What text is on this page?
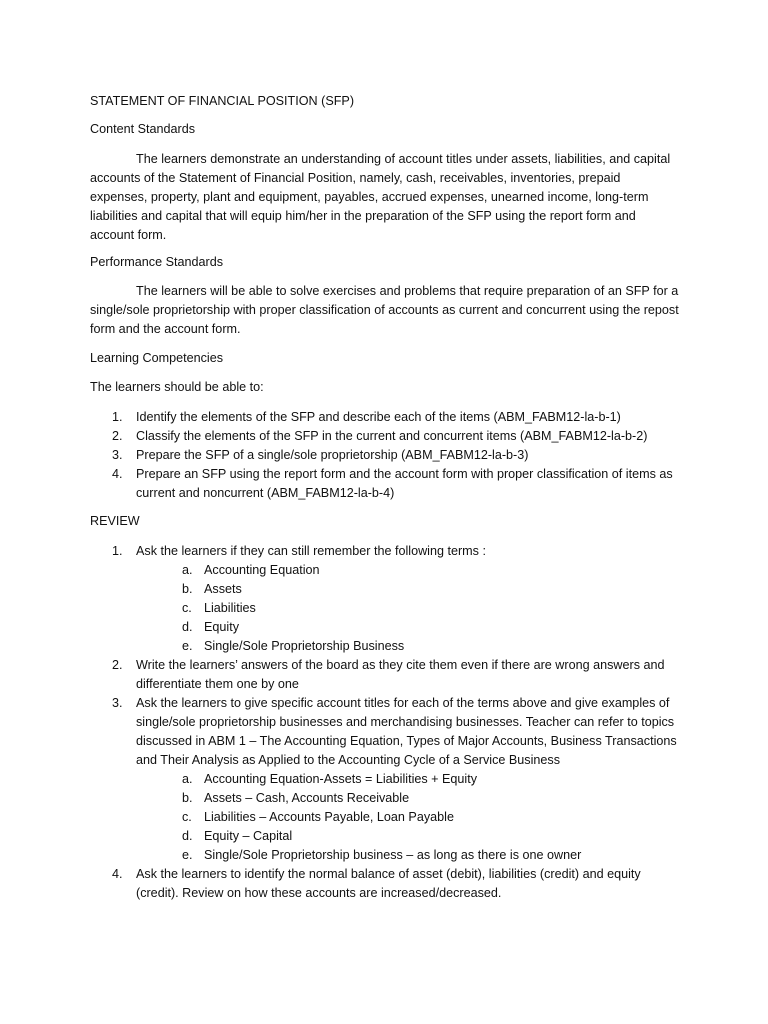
STATEMENT OF FINANCIAL POSITION (SFP)

Content Standards

The learners demonstrate an understanding of account titles under assets, liabilities, and capital accounts of the Statement of Financial Position, namely, cash, receivables, inventories, prepaid expenses, property, plant and equipment, payables, accrued expenses, unearned income, long-term liabilities and capital that will equip him/her in the preparation of the SFP using the report form and account form.

Performance Standards

The learners will be able to solve exercises and problems that require preparation of an SFP for a single/sole proprietorship with proper classification of accounts as current and concurrent using the repost form and the account form.

Learning Competencies

The learners should be able to:

1. Identify the elements of the SFP and describe each of the items (ABM_FABM12-la-b-1)
2. Classify the elements of the SFP in the current and concurrent items (ABM_FABM12-la-b-2)
3. Prepare the SFP of a single/sole proprietorship (ABM_FABM12-la-b-3)
4. Prepare an SFP using the report form and the account form with proper classification of items as current and noncurrent (ABM_FABM12-la-b-4)

REVIEW

1. Ask the learners if they can still remember the following terms :
a. Accounting Equation
b. Assets
c. Liabilities
d. Equity
e. Single/Sole Proprietorship Business
2. Write the learners’ answers of the board as they cite them even if there are wrong answers and differentiate them one by one
3. Ask the learners to give specific account titles for each of the terms above and give examples of single/sole proprietorship businesses and merchandising businesses. Teacher can refer to topics discussed in ABM 1 – The Accounting Equation, Types of Major Accounts, Business Transactions and Their Analysis as Applied to the Accounting Cycle of a Service Business
a. Accounting Equation-Assets = Liabilities + Equity
b. Assets – Cash, Accounts Receivable
c. Liabilities – Accounts Payable, Loan Payable
d. Equity – Capital
e. Single/Sole Proprietorship business – as long as there is one owner
4. Ask the learners to identify the normal balance of asset (debit), liabilities (credit) and equity (credit). Review on how these accounts are increased/decreased.
